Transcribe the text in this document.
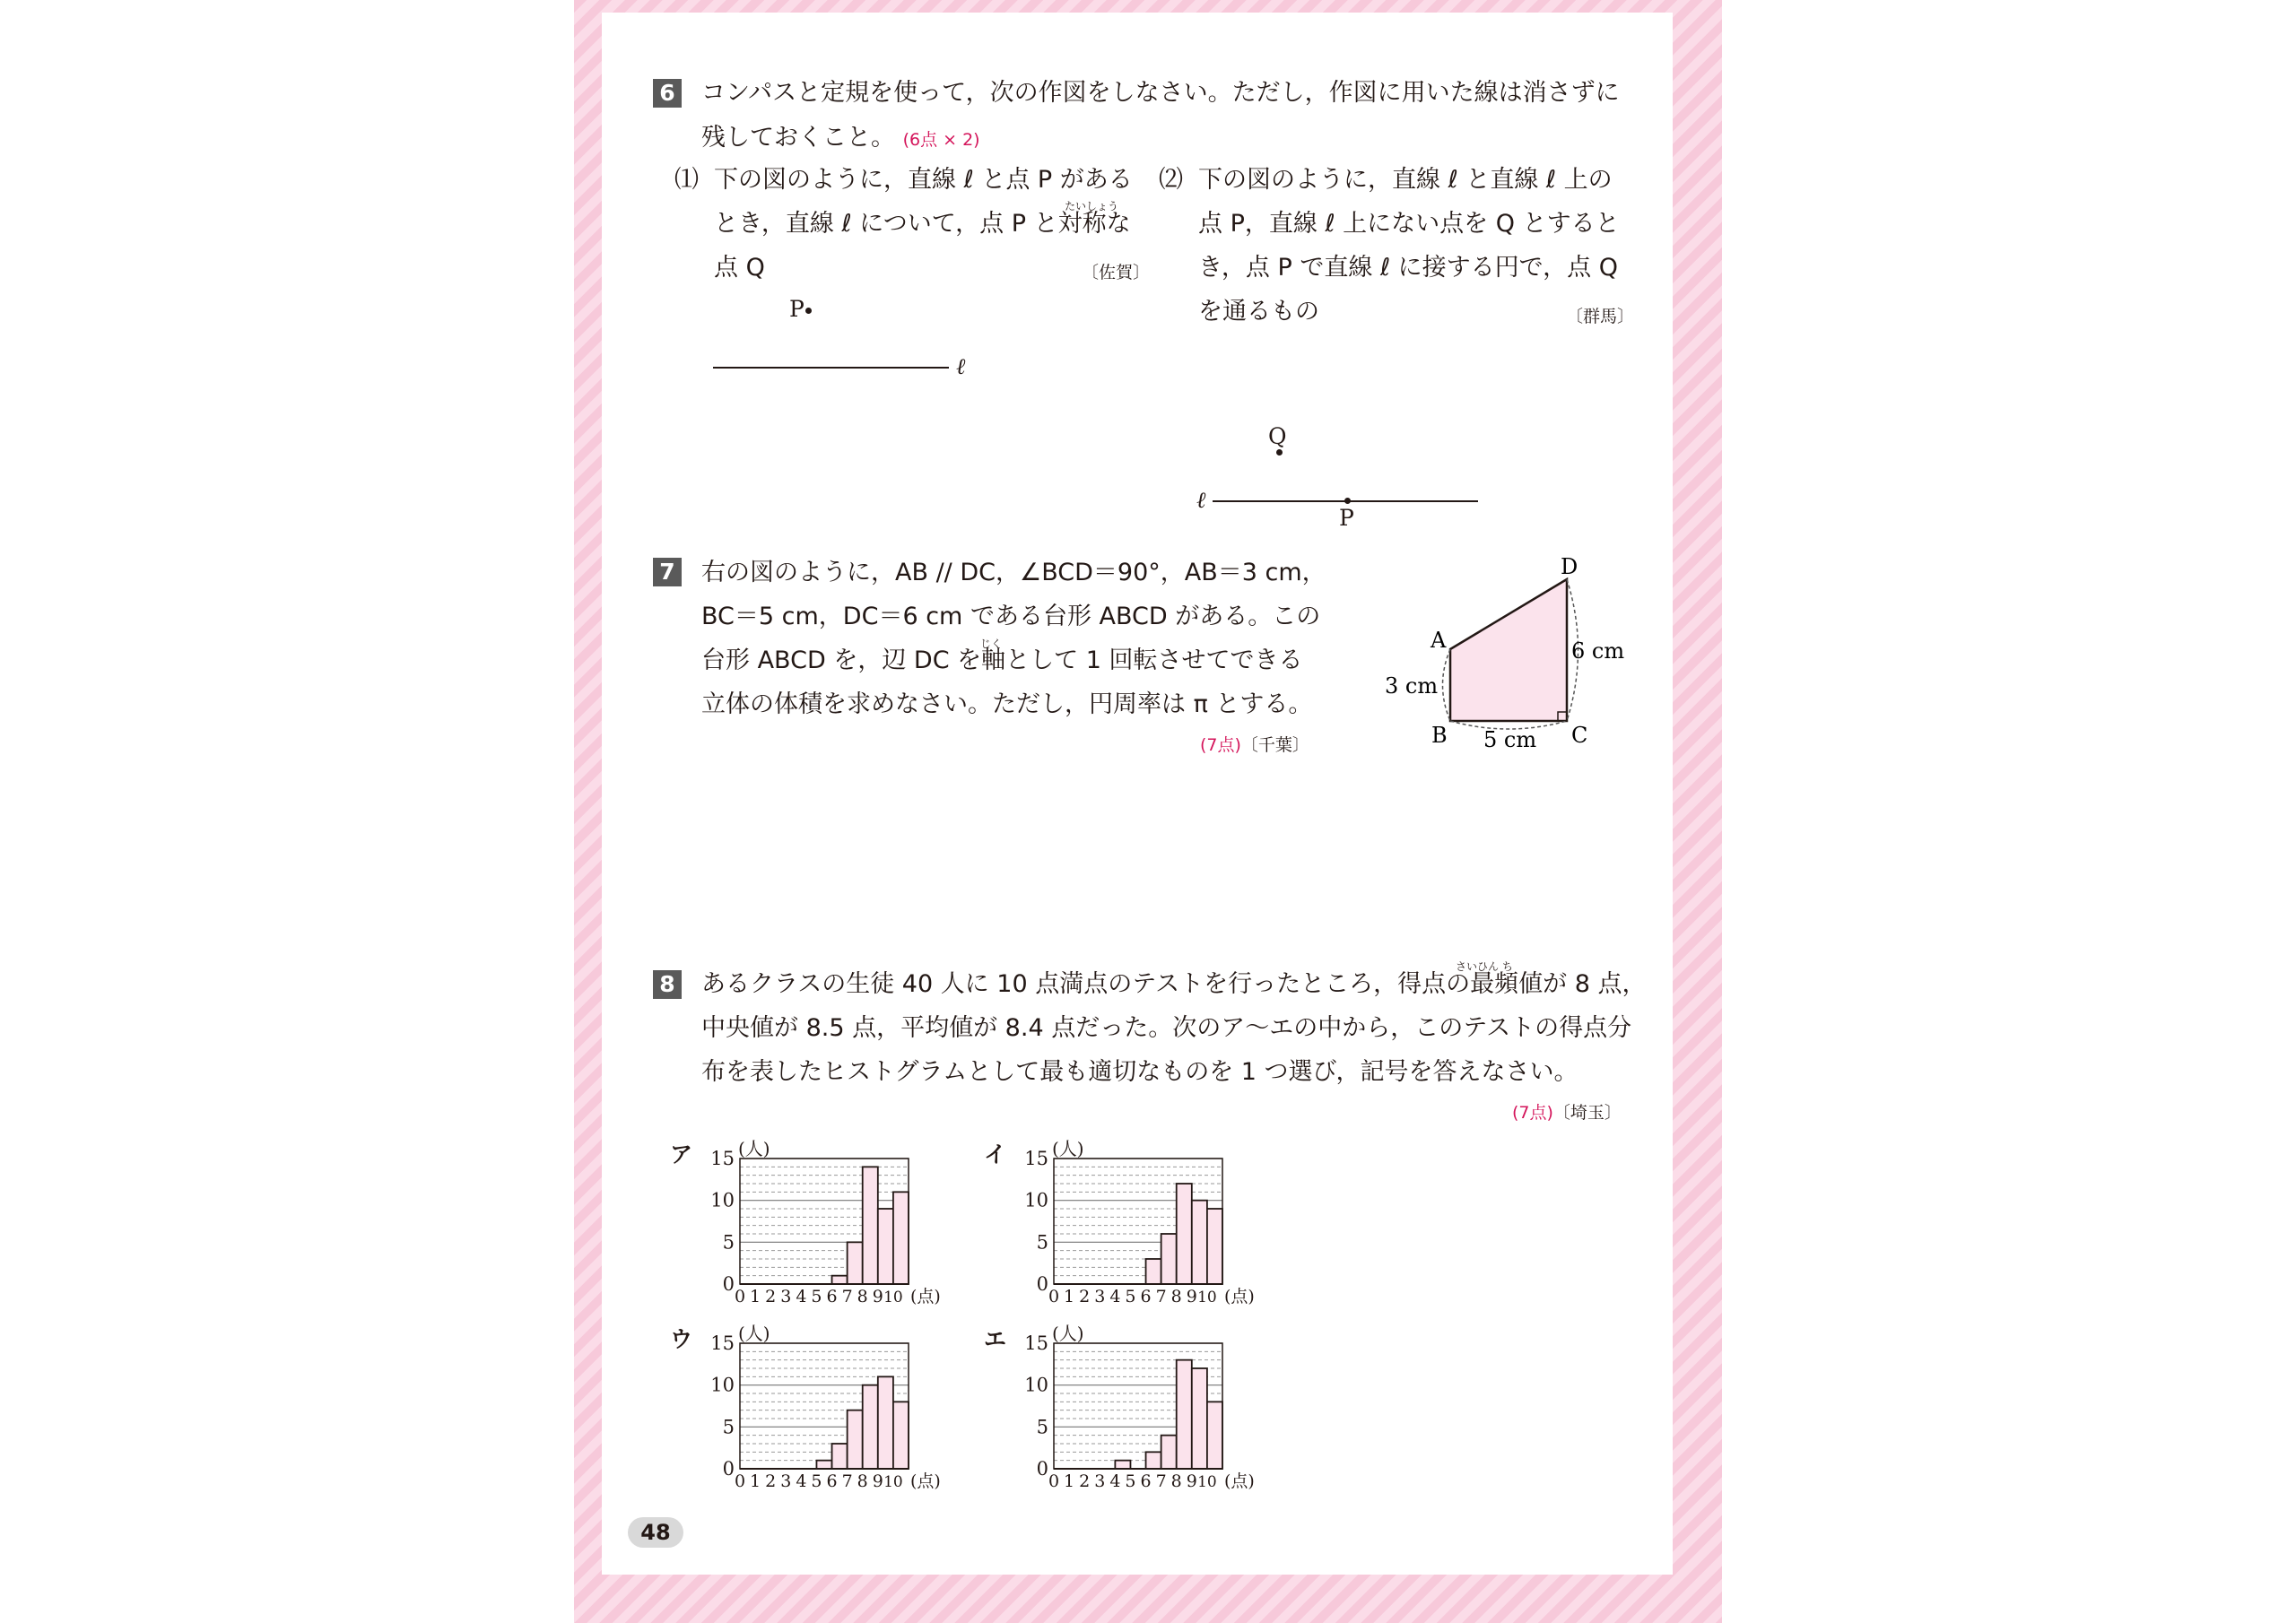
6 コンパスと定規を使って，次の作図をしなさい。ただし，作図に用いた線は消さずに
残しておくこと。 (6点 × 2)
⑴ 下の図のように，直線 ℓ と点 P がある
たいしょう
とき，直線 ℓ について，点 P と対称な
点 Q	〔佐賀〕
P
ℓ
⑵ 下の図のように，直線 ℓ と直線 ℓ 上の
点 P，直線 ℓ 上にない点を Q とすると
き，点 P で直線 ℓ に接する円で，点 Q
を通るもの	〔群馬〕
Q
ℓ
P
7 右の図のように，AB // DC，∠BCD＝90°，AB＝3 cm，
BC＝5 cm，DC＝6 cm である台形 ABCD がある。この
じく
台形 ABCD を，辺 DC を軸として 1 回転させてできる
立体の体積を求めなさい。ただし，円周率は π とする。
(7点)〔千葉〕
A
B	C
D
3 cm
5 cm
6 cm
8
さいひん ち
あるクラスの生徒 40 人に 10 点満点のテストを行ったところ，得点の最頻値が 8 点，
中央値が 8.5 点，平均値が 8.4 点だった。次のア～エの中から，このテストの得点分
布を表したヒストグラムとして最も適切なものを 1 つ選び，記号を答えなさい。
(7点)〔埼玉〕
ア	(人)
0
5
10
15
0 1 2 3 4 5 6 7 8 9 10 (点)
イ	(人)
0
5
10
15
0 1 2 3 4 5 6 7 8 9 10 (点)
ウ	(人)
0
5
10
15
0 1 2 3 4 5 6 7 8 9 10 (点)
エ	(人)
0
5
10
15
0 1 2 3 4 5 6 7 8 9 10 (点)
48
